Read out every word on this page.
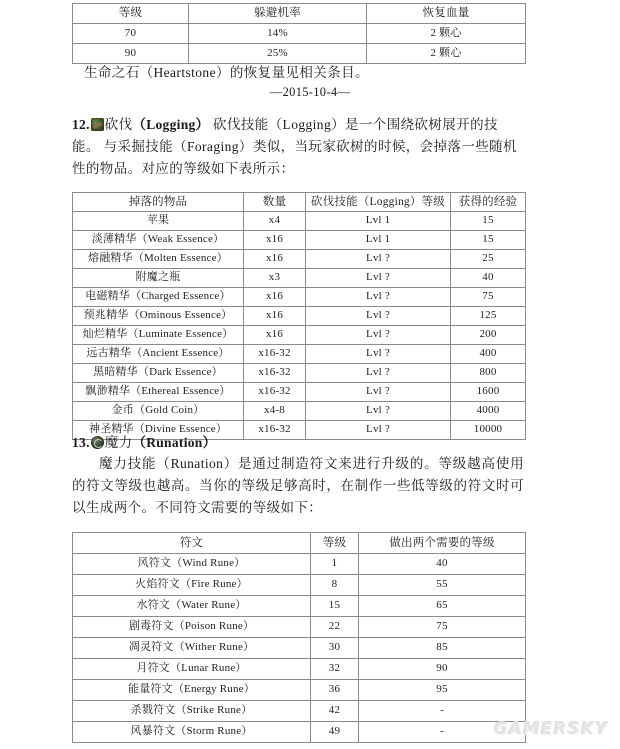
等级	躲避机率	恢复血量
70	14%	2 颗心
90	25%	2 颗心
生命之石（Heartstone）的恢复量见相关条目。
—2015-10-4—
12. 砍伐（Logging） 砍伐技能（Logging）是一个围绕砍树展开的技能。 与采掘技能（Foraging）类似，当玩家砍树的时候，会掉落一些随机性的物品。对应的等级如下表所示：
掉落的物品	数量	砍伐技能（Logging）等级	获得的经验
苹果	x4	Lvl 1	15
淡薄精华（Weak Essence）	x16	Lvl 1	15
熔融精华（Molten Essence）	x16	Lvl ?	25
附魔之瓶	x3	Lvl ?	40
电磁精华（Charged Essence）	x16	Lvl ?	75
预兆精华（Ominous Essence）	x16	Lvl ?	125
灿烂精华（Luminate Essence）	x16	Lvl ?	200
远古精华（Ancient Essence）	x16-32	Lvl ?	400
黑暗精华（Dark Essence）	x16-32	Lvl ?	800
飘渺精华（Ethereal Essence）	x16-32	Lvl ?	1600
金币（Gold Coin）	x4-8	Lvl ?	4000
神圣精华（Divine Essence）	x16-32	Lvl ?	10000
13. 魔力（Runation）
魔力技能（Runation）是通过制造符文来进行升级的。等级越高使用的符文等级也越高。当你的等级足够高时，在制作一些低等级的符文时可以生成两个。不同符文需要的等级如下：
符文	等级	做出两个需要的等级
风符文（Wind Rune）	1	40
火焰符文（Fire Rune）	8	55
水符文（Water Rune）	15	65
剧毒符文（Poison Rune）	22	75
凋灵符文（Wither Rune）	30	85
月符文（Lunar Rune）	32	90
能量符文（Energy Rune）	36	95
杀戮符文（Strike Rune）	42	-
风暴符文（Storm Rune）	49	-	GAMERSKY
